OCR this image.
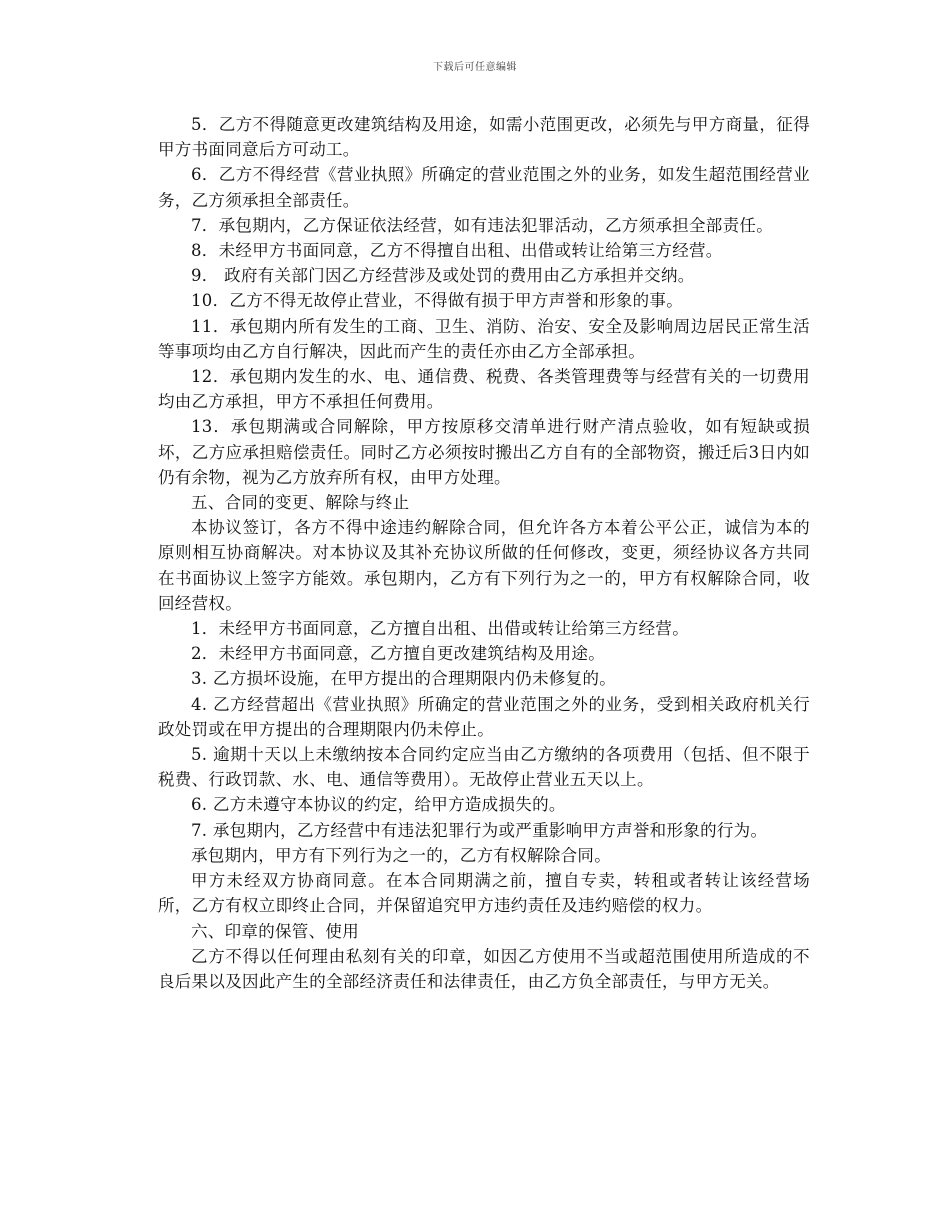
下载后可任意编辑

5．乙方不得随意更改建筑结构及用途，如需小范围更改，必须先与甲方商量，征得甲方书面同意后方可动工。

6．乙方不得经营《营业执照》所确定的营业范围之外的业务，如发生超范围经营业务，乙方须承担全部责任。

7．承包期内，乙方保证依法经营，如有违法犯罪活动，乙方须承担全部责任。

8．未经甲方书面同意，乙方不得擅自出租、出借或转让给第三方经营。

9． 政府有关部门因乙方经营涉及或处罚的费用由乙方承担并交纳。

10．乙方不得无故停止营业，不得做有损于甲方声誉和形象的事。

11．承包期内所有发生的工商、卫生、消防、治安、安全及影响周边居民正常生活等事项均由乙方自行解决，因此而产生的责任亦由乙方全部承担。

12．承包期内发生的水、电、通信费、税费、各类管理费等与经营有关的一切费用均由乙方承担，甲方不承担任何费用。

13．承包期满或合同解除，甲方按原移交清单进行财产清点验收，如有短缺或损坏，乙方应承担赔偿责任。同时乙方必须按时搬出乙方自有的全部物资，搬迁后3日内如仍有余物，视为乙方放弃所有权，由甲方处理。

五、合同的变更、解除与终止

本协议签订，各方不得中途违约解除合同，但允许各方本着公平公正，诚信为本的原则相互协商解决。对本协议及其补充协议所做的任何修改，变更，须经协议各方共同在书面协议上签字方能效。承包期内，乙方有下列行为之一的，甲方有权解除合同，收回经营权。

1．未经甲方书面同意，乙方擅自出租、出借或转让给第三方经营。

2．未经甲方书面同意，乙方擅自更改建筑结构及用途。

3. 乙方损坏设施，在甲方提出的合理期限内仍未修复的。

4. 乙方经营超出《营业执照》所确定的营业范围之外的业务，受到相关政府机关行政处罚或在甲方提出的合理期限内仍未停止。

5. 逾期十天以上未缴纳按本合同约定应当由乙方缴纳的各项费用（包括、但不限于税费、行政罚款、水、电、通信等费用）。无故停止营业五天以上。

6. 乙方未遵守本协议的约定，给甲方造成损失的。

7. 承包期内，乙方经营中有违法犯罪行为或严重影响甲方声誉和形象的行为。

承包期内，甲方有下列行为之一的，乙方有权解除合同。

甲方未经双方协商同意。在本合同期满之前，擅自专卖，转租或者转让该经营场所，乙方有权立即终止合同，并保留追究甲方违约责任及违约赔偿的权力。

六、印章的保管、使用

乙方不得以任何理由私刻有关的印章，如因乙方使用不当或超范围使用所造成的不良后果以及因此产生的全部经济责任和法律责任，由乙方负全部责任，与甲方无关。
